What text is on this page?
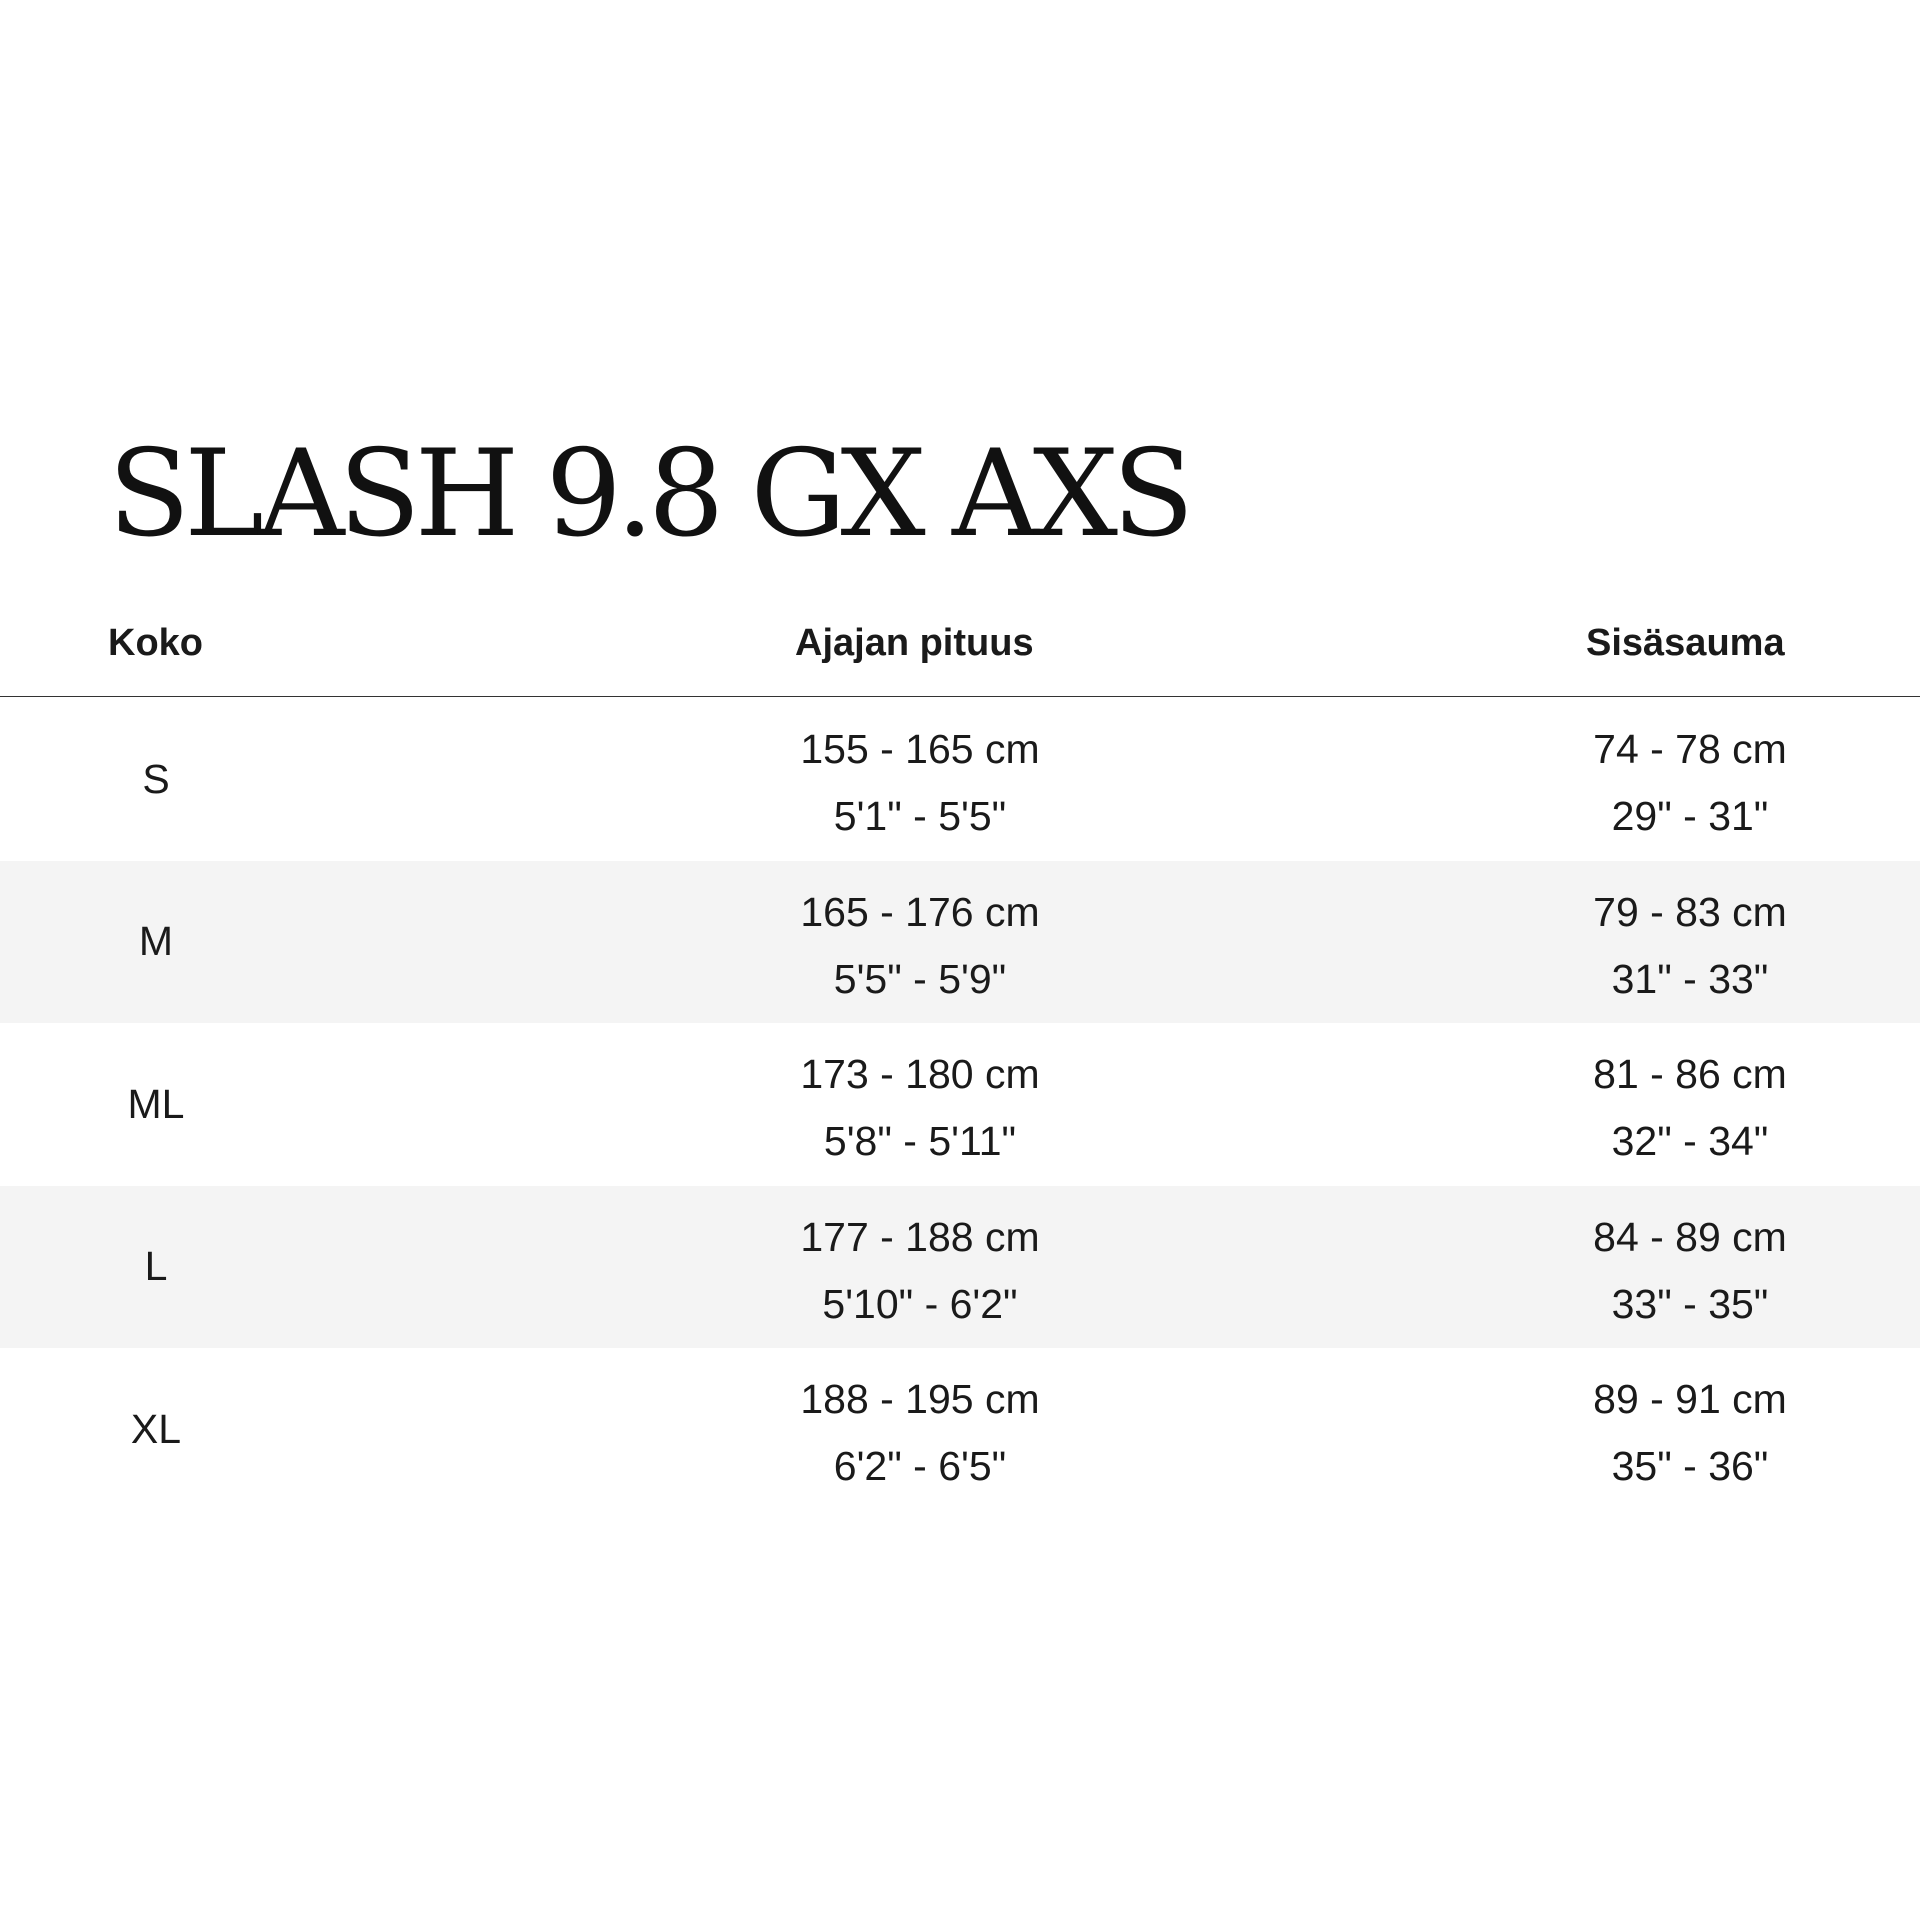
SLASH 9.8 GX AXS
Koko	Ajajan pituus	Sisäsauma
S
155 - 165 cm
5'1" - 5'5"
74 - 78 cm
29" - 31"
M
165 - 176 cm
5'5" - 5'9"
79 - 83 cm
31" - 33"
ML
173 - 180 cm
5'8" - 5'11"
81 - 86 cm
32" - 34"
L
177 - 188 cm
5'10" - 6'2"
84 - 89 cm
33" - 35"
XL
188 - 195 cm
6'2" - 6'5"
89 - 91 cm
35" - 36"
